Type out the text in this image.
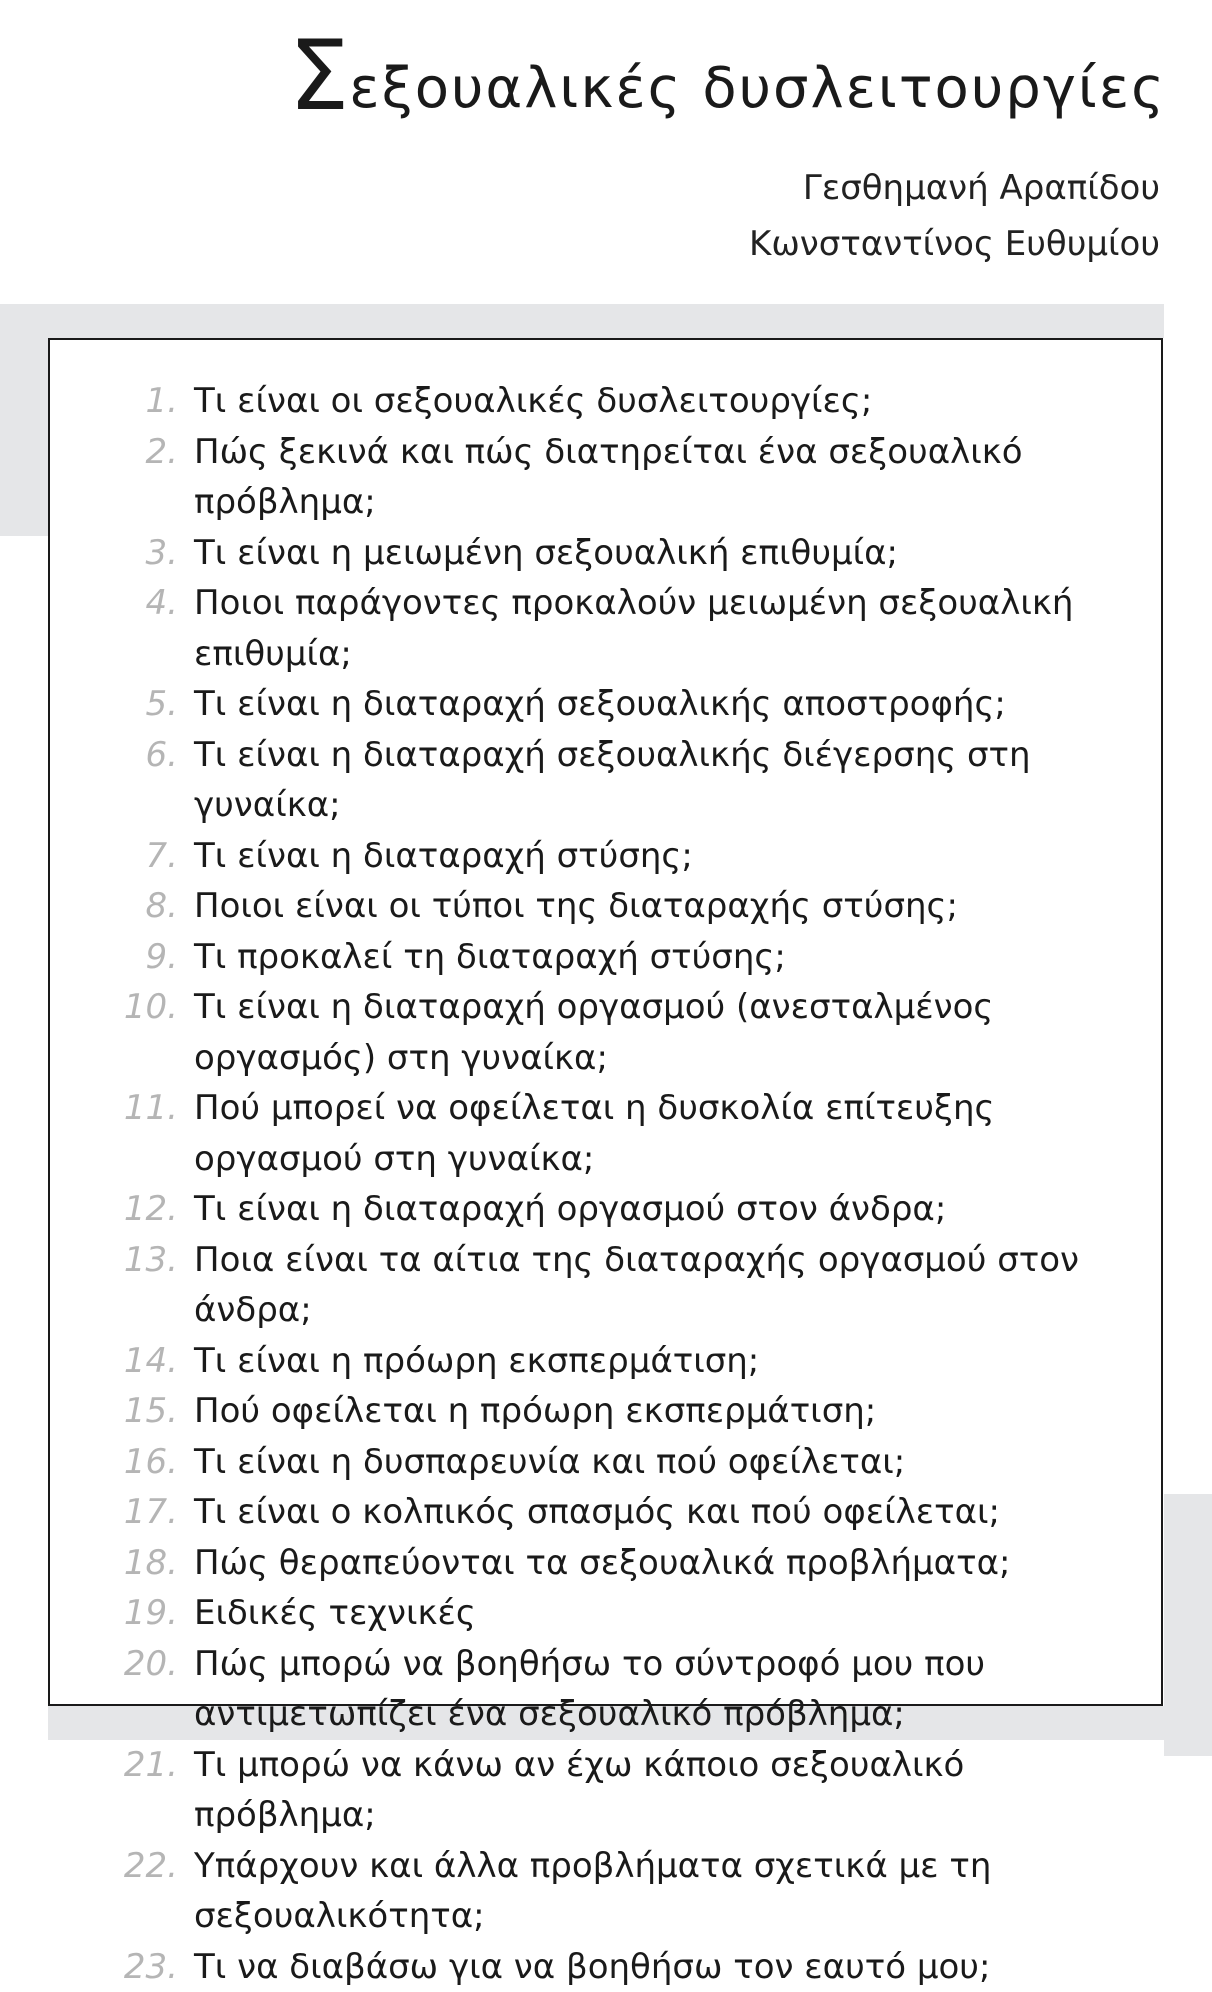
Σεξουαλικές δυσλειτουργίες
Γεσθημανή Αραπίδου
Κωνσταντίνος Ευθυμίου
1. Τι είναι οι σεξουαλικές δυσλειτουργίες;
2. Πώς ξεκινά και πώς διατηρείται ένα σεξουαλικό πρόβλημα;
3. Τι είναι η μειωμένη σεξουαλική επιθυμία;
4. Ποιοι παράγοντες προκαλούν μειωμένη σεξουαλική επιθυμία;
5. Τι είναι η διαταραχή σεξουαλικής αποστροφής;
6. Τι είναι η διαταραχή σεξουαλικής διέγερσης στη γυναίκα;
7. Τι είναι η διαταραχή στύσης;
8. Ποιοι είναι οι τύποι της διαταραχής στύσης;
9. Τι προκαλεί τη διαταραχή στύσης;
10. Τι είναι η διαταραχή οργασμού (ανεσταλμένος οργασμός) στη γυναίκα;
11. Πού μπορεί να οφείλεται η δυσκολία επίτευξης οργασμού στη γυναίκα;
12. Τι είναι η διαταραχή οργασμού στον άνδρα;
13. Ποια είναι τα αίτια της διαταραχής οργασμού στον άνδρα;
14. Τι είναι η πρόωρη εκσπερμάτιση;
15. Πού οφείλεται η πρόωρη εκσπερμάτιση;
16. Τι είναι η δυσπαρευνία και πού οφείλεται;
17. Τι είναι ο κολπικός σπασμός και πού οφείλεται;
18. Πώς θεραπεύονται τα σεξουαλικά προβλήματα;
19. Ειδικές τεχνικές
20. Πώς μπορώ να βοηθήσω το σύντροφό μου που αντιμετωπίζει ένα σεξουαλικό πρόβλημα;
21. Τι μπορώ να κάνω αν έχω κάποιο σεξουαλικό πρόβλημα;
22. Υπάρχουν και άλλα προβλήματα σχετικά με τη σεξουαλικότητα;
23. Τι να διαβάσω για να βοηθήσω τον εαυτό μου;
